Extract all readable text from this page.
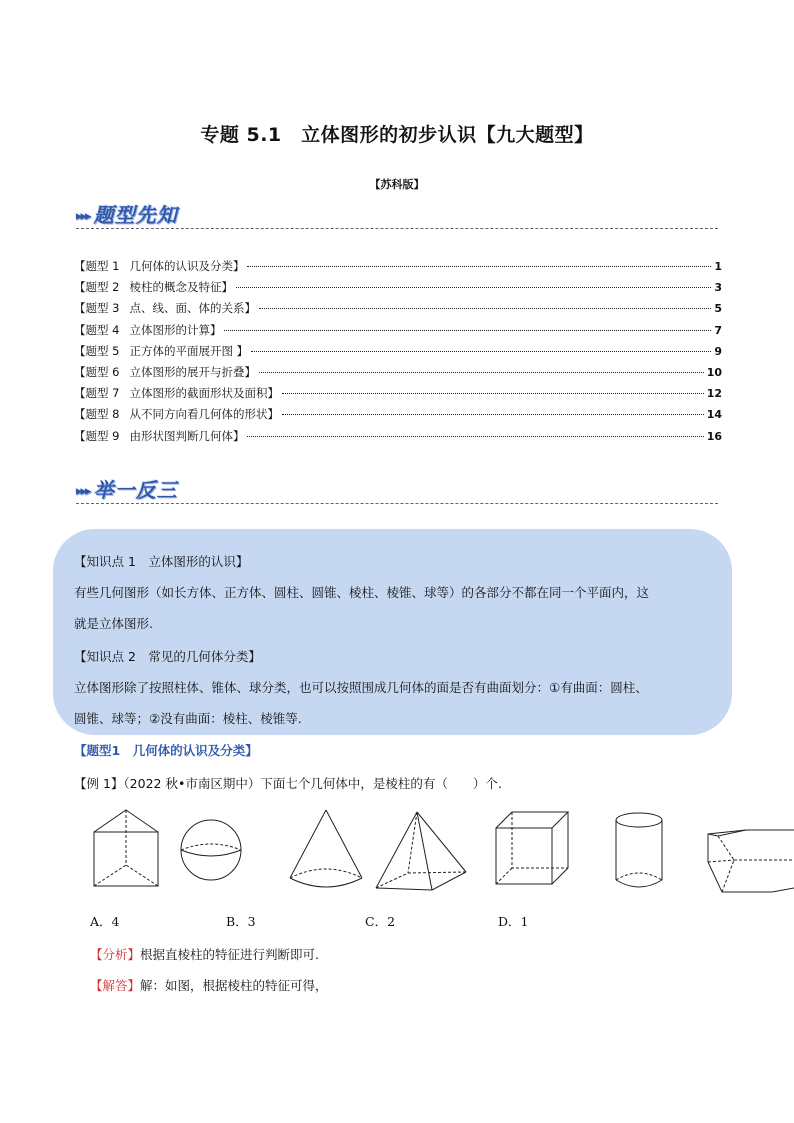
专题 5.1　立体图形的初步认识【九大题型】
【苏科版】
▸▸▸ 题型先知
【题型 1 几何体的认识及分类】	1
【题型 2 棱柱的概念及特征】	3
【题型 3 点、线、面、体的关系】	5
【题型 4 立体图形的计算】	7
【题型 5 正方体的平面展开图 】	9
【题型 6 立体图形的展开与折叠】	10
【题型 7 立体图形的截面形状及面积】	12
【题型 8 从不同方向看几何体的形状】	14
【题型 9 由形状图判断几何体】	16
▸▸▸ 举一反三
【知识点 1　立体图形的认识】
有些几何图形（如长方体、正方体、圆柱、圆锥、棱柱、棱锥、球等）的各部分不都在同一个平面内，这
就是立体图形.
【知识点 2　常见的几何体分类】
立体图形除了按照柱体、锥体、球分类，也可以按照围成几何体的面是否有曲面划分：①有曲面：圆柱、
圆锥、球等；②没有曲面：棱柱、棱锥等.
【题型1　几何体的认识及分类】
【例 1】（2022 秋•市南区期中）下面七个几何体中，是棱柱的有（　　）个.
A．4	B．3	C．2	D．1
【分析】根据直棱柱的特征进行判断即可.
【解答】解：如图，根据棱柱的特征可得，
